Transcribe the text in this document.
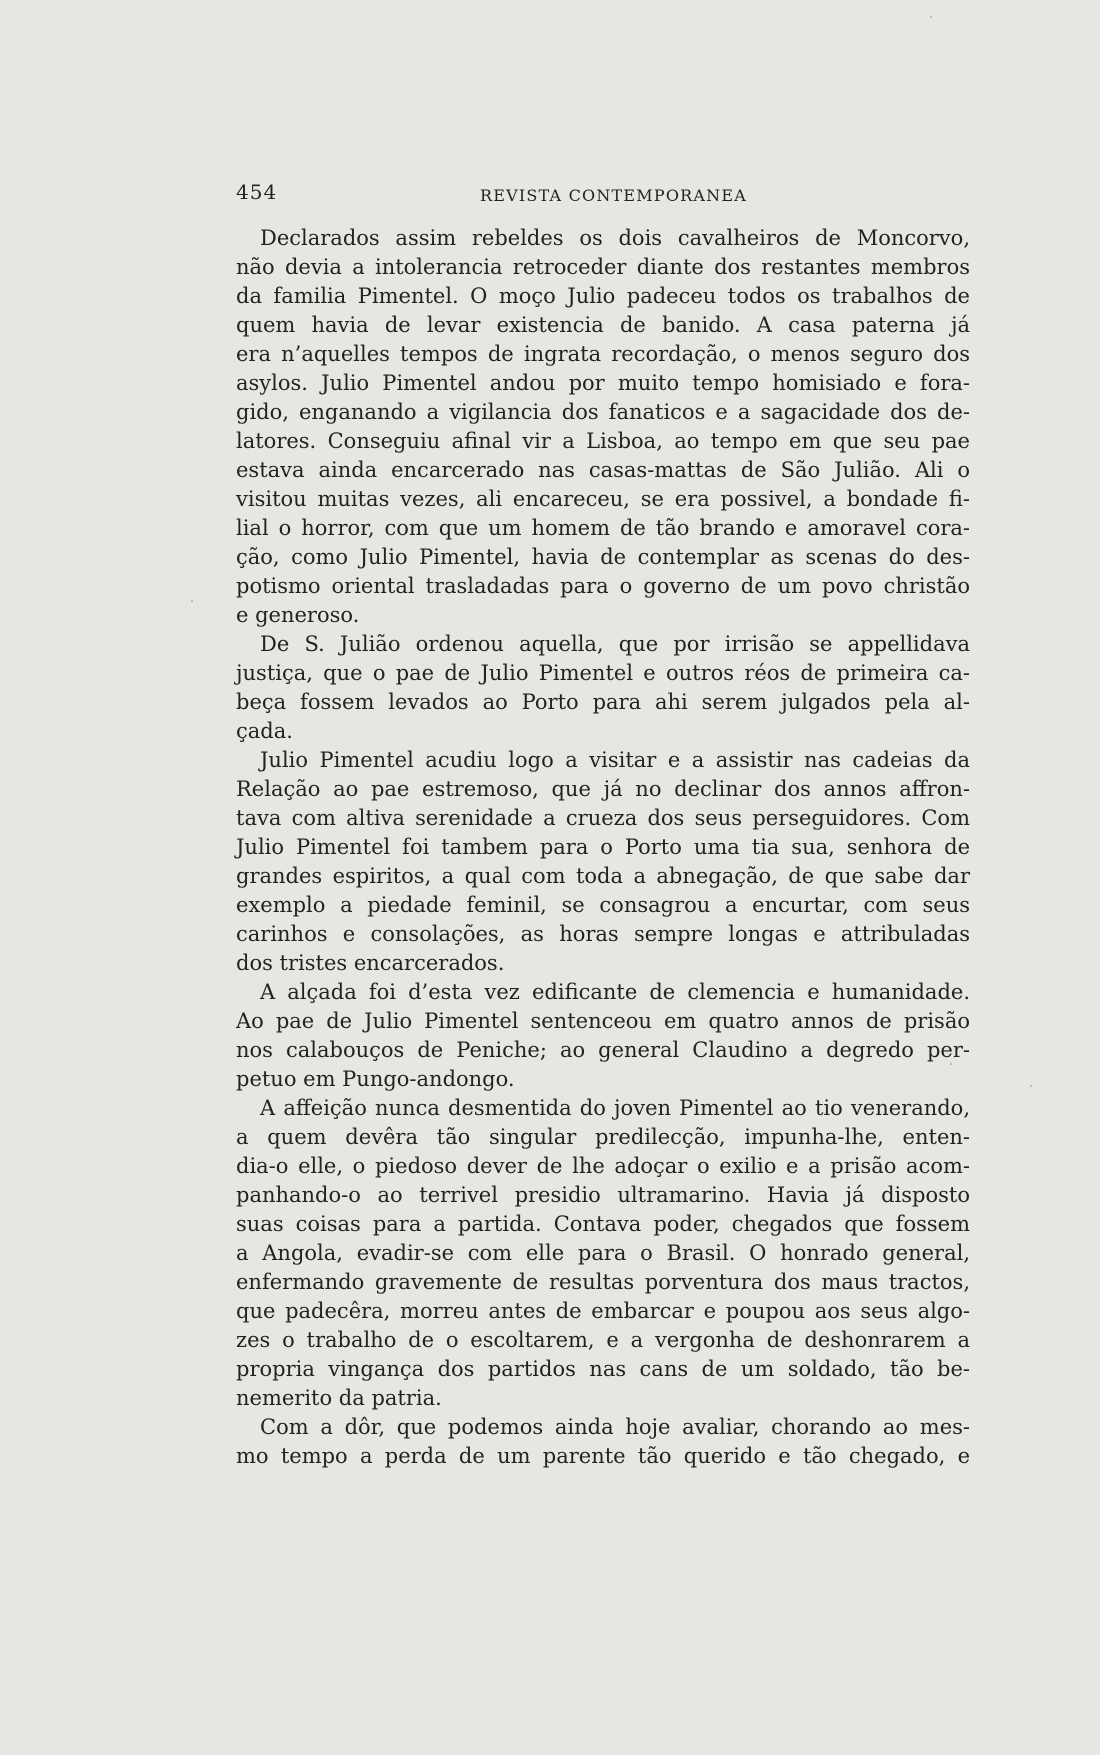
454	REVISTA CONTEMPORANEA
Declarados assim rebeldes os dois cavalheiros de Moncorvo,
não devia a intolerancia retroceder diante dos restantes membros
da familia Pimentel. O moço Julio padeceu todos os trabalhos de
quem havia de levar existencia de banido. A casa paterna já
era n’aquelles tempos de ingrata recordação, o menos seguro dos
asylos. Julio Pimentel andou por muito tempo homisiado e fora-
gido, enganando a vigilancia dos fanaticos e a sagacidade dos de-
latores. Conseguiu afinal vir a Lisboa, ao tempo em que seu pae
estava ainda encarcerado nas casas-mattas de São Julião. Ali o
visitou muitas vezes, ali encareceu, se era possivel, a bondade fi-
lial o horror, com que um homem de tão brando e amoravel cora-
ção, como Julio Pimentel, havia de contemplar as scenas do des-
potismo oriental trasladadas para o governo de um povo christão
e generoso.
De S. Julião ordenou aquella, que por irrisão se appellidava
justiça, que o pae de Julio Pimentel e outros réos de primeira ca-
beça fossem levados ao Porto para ahi serem julgados pela al-
çada.
Julio Pimentel acudiu logo a visitar e a assistir nas cadeias da
Relação ao pae estremoso, que já no declinar dos annos affron-
tava com altiva serenidade a crueza dos seus perseguidores. Com
Julio Pimentel foi tambem para o Porto uma tia sua, senhora de
grandes espiritos, a qual com toda a abnegação, de que sabe dar
exemplo a piedade feminil, se consagrou a encurtar, com seus
carinhos e consolações, as horas sempre longas e attribuladas
dos tristes encarcerados.
A alçada foi d’esta vez edificante de clemencia e humanidade.
Ao pae de Julio Pimentel sentenceou em quatro annos de prisão
nos calabouços de Peniche; ao general Claudino a degredo per-
petuo em Pungo-andongo.
A affeição nunca desmentida do joven Pimentel ao tio venerando,
a quem devêra tão singular predilecção, impunha-lhe, enten-
dia-o elle, o piedoso dever de lhe adoçar o exilio e a prisão acom-
panhando-o ao terrivel presidio ultramarino. Havia já disposto
suas coisas para a partida. Contava poder, chegados que fossem
a Angola, evadir-se com elle para o Brasil. O honrado general,
enfermando gravemente de resultas porventura dos maus tractos,
que padecêra, morreu antes de embarcar e poupou aos seus algo-
zes o trabalho de o escoltarem, e a vergonha de deshonrarem a
propria vingança dos partidos nas cans de um soldado, tão be-
nemerito da patria.
Com a dôr, que podemos ainda hoje avaliar, chorando ao mes-
mo tempo a perda de um parente tão querido e tão chegado, e
